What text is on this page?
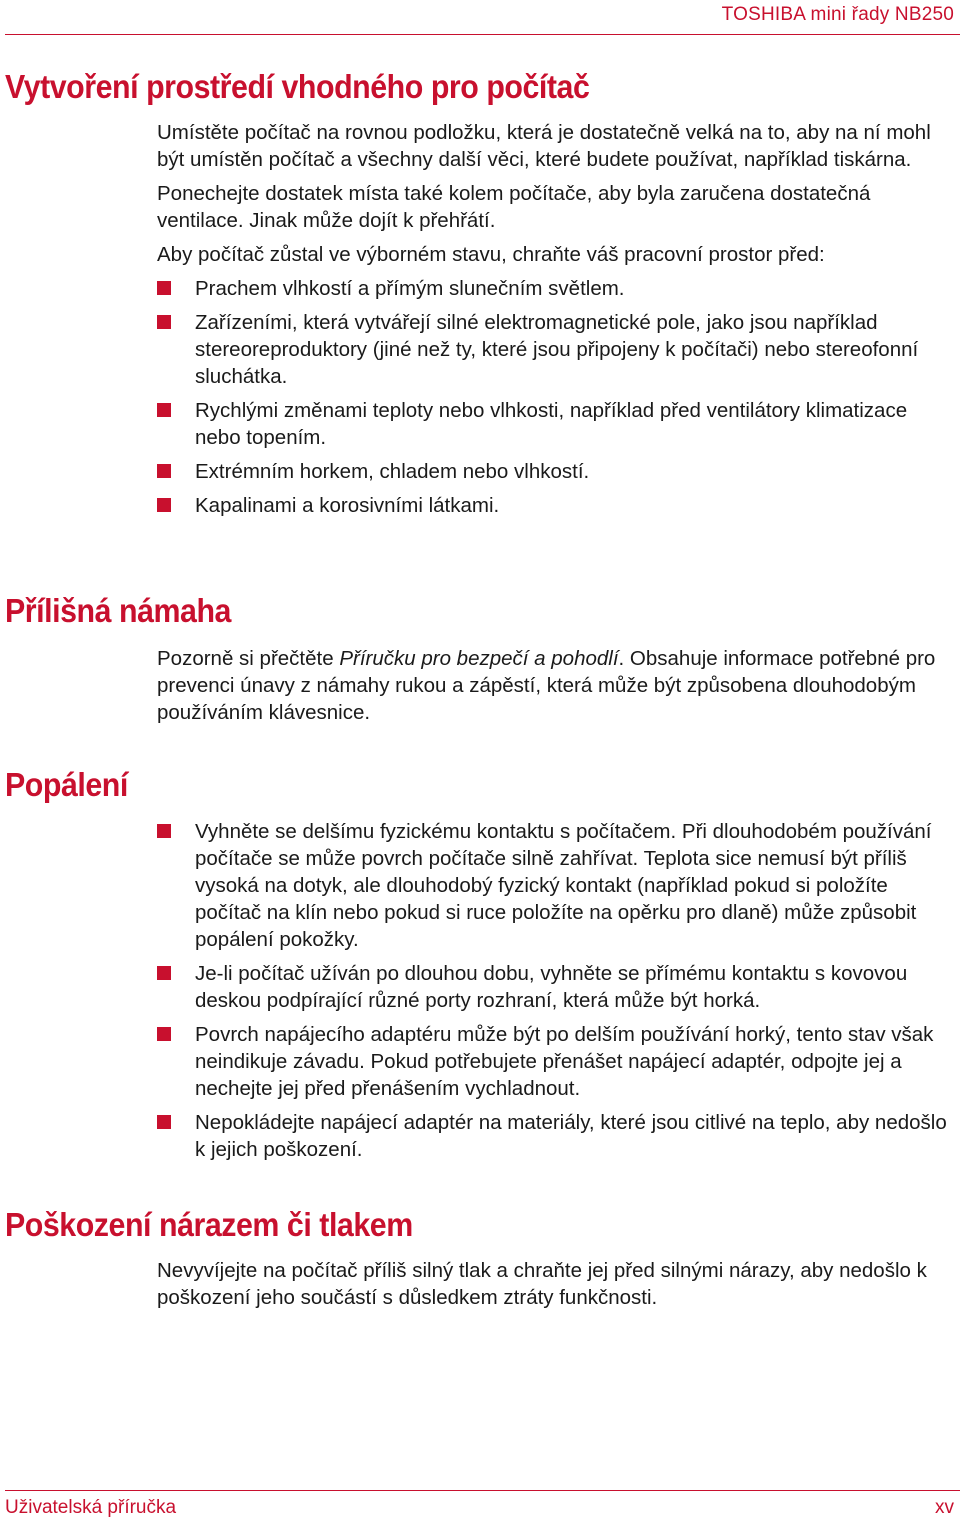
TOSHIBA mini řady NB250
Vytvoření prostředí vhodného pro počítač

Umístěte počítač na rovnou podložku, která je dostatečně velká na to, aby na ní mohl být umístěn počítač a všechny další věci, které budete používat, například tiskárna.

Ponechejte dostatek místa také kolem počítače, aby byla zaručena dostatečná ventilace. Jinak může dojít k přehřátí.

Aby počítač zůstal ve výborném stavu, chraňte váš pracovní prostor před:

Prachem vlhkostí a přímým slunečním světlem.
Zařízeními, která vytvářejí silné elektromagnetické pole, jako jsou například stereoreproduktory (jiné než ty, které jsou připojeny k počítači) nebo stereofonní sluchátka.
Rychlými změnami teploty nebo vlhkosti, například před ventilátory klimatizace nebo topením.
Extrémním horkem, chladem nebo vlhkostí.
Kapalinami a korosivními látkami.
Přílišná námaha

Pozorně si přečtěte Příručku pro bezpečí a pohodlí. Obsahuje informace potřebné pro prevenci únavy z námahy rukou a zápěstí, která může být způsobena dlouhodobým používáním klávesnice.

Popálení
Vyhněte se delšímu fyzickému kontaktu s počítačem. Při dlouhodobém používání počítače se může povrch počítače silně zahřívat. Teplota sice nemusí být příliš vysoká na dotyk, ale dlouhodobý fyzický kontakt (například pokud si položíte počítač na klín nebo pokud si ruce položíte na opěrku pro dlaně) může způsobit popálení pokožky.
Je-li počítač užíván po dlouhou dobu, vyhněte se přímému kontaktu s kovovou deskou podpírající různé porty rozhraní, která může být horká.
Povrch napájecího adaptéru může být po delším používání horký, tento stav však neindikuje závadu. Pokud potřebujete přenášet napájecí adaptér, odpojte jej a nechejte jej před přenášením vychladnout.
Nepokládejte napájecí adaptér na materiály, které jsou citlivé na teplo, aby nedošlo k jejich poškození.
Poškození nárazem či tlakem

Nevyvíjejte na počítač příliš silný tlak a chraňte jej před silnými nárazy, aby nedošlo k poškození jeho součástí s důsledkem ztráty funkčnosti.

Uživatelská příručka	xv
